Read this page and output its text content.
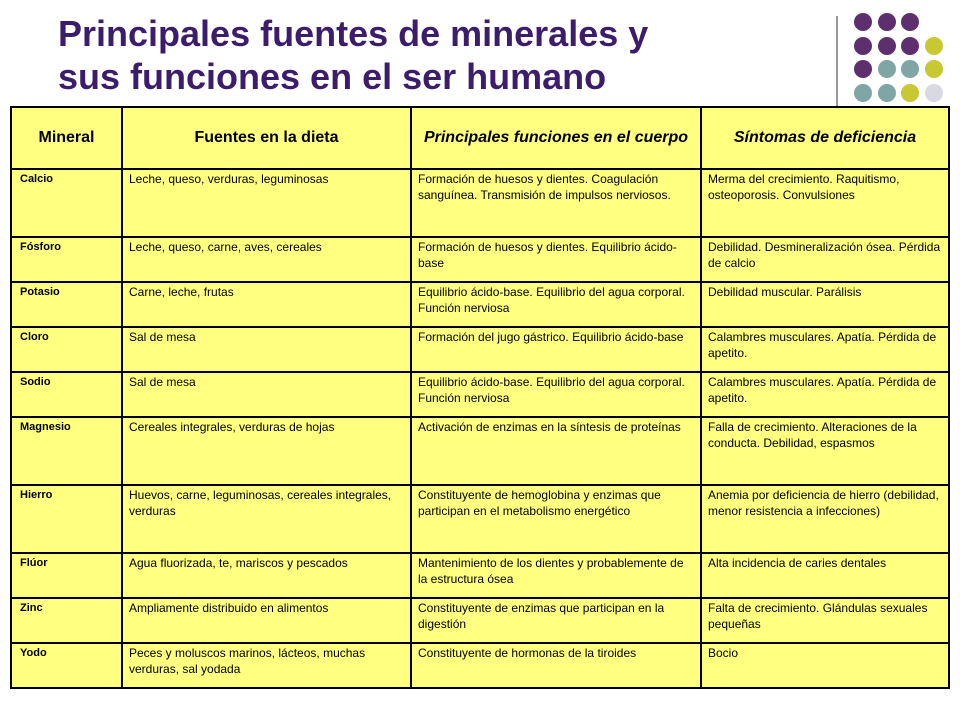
Principales fuentes de minerales y
sus funciones en el ser humano
Mineral	Fuentes en la dieta	Principales funciones en el cuerpo	Síntomas de deficiencia
Calcio	Leche, queso, verduras, leguminosas	Formación de huesos y dientes. Coagulación sanguínea. Transmisión de impulsos nerviosos.	Merma del crecimiento. Raquitismo, osteoporosis. Convulsiones
Fósforo	Leche, queso, carne, aves, cereales	Formación de huesos y dientes. Equilibrio ácido-base	Debilidad. Desmineralización ósea. Pérdida de calcio
Potasio	Carne, leche, frutas	Equilibrio ácido-base. Equilibrio del agua corporal. Función nerviosa	Debilidad muscular. Parálisis
Cloro	Sal de mesa	Formación del jugo gástrico. Equilibrio ácido-base	Calambres musculares. Apatía. Pérdida de apetito.
Sodio	Sal de mesa	Equilibrio ácido-base. Equilibrio del agua corporal. Función nerviosa	Calambres musculares. Apatía. Pérdida de apetito.
Magnesio	Cereales integrales, verduras de hojas	Activación de enzimas en la síntesis de proteínas	Falla de crecimiento. Alteraciones de la conducta. Debilidad, espasmos
Hierro	Huevos, carne, leguminosas, cereales integrales, verduras	Constituyente de hemoglobina y enzimas que participan en el metabolismo energético	Anemia por deficiencia de hierro (debilidad, menor resistencia a infecciones)
Flúor	Agua fluorizada, te, mariscos y pescados	Mantenimiento de los dientes y probablemente de la estructura ósea	Alta incidencia de caries dentales
Zinc	Ampliamente distribuido en alimentos	Constituyente de enzimas que participan en la digestión	Falta de crecimiento. Glándulas sexuales pequeñas
Yodo	Peces y moluscos marinos, lácteos, muchas verduras, sal yodada	Constituyente de hormonas de la tiroides	Bocio
